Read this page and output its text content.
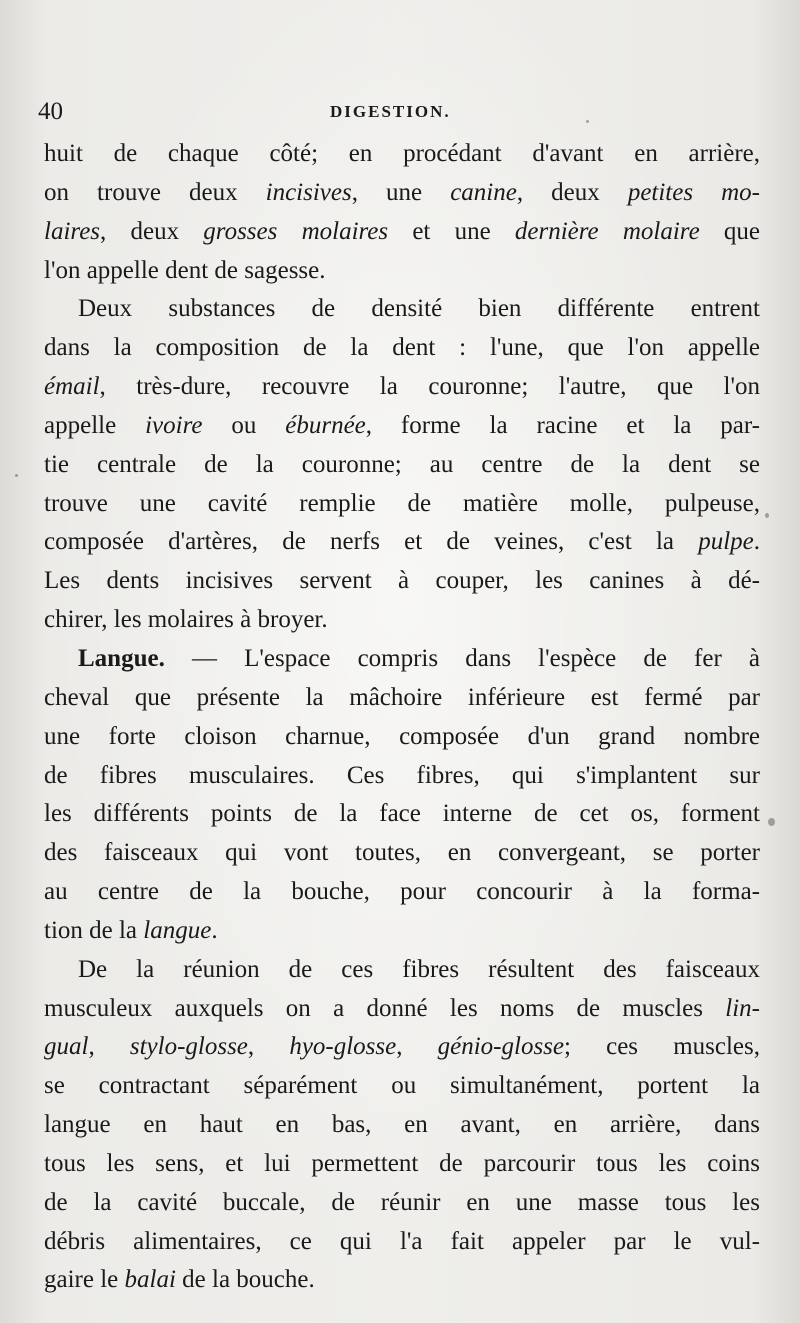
40	DIGESTION.
huit de chaque côté; en procédant d'avant en arrière,
on trouve deux incisives, une canine, deux petites mo-
laires, deux grosses molaires et une dernière molaire que
l'on appelle dent de sagesse.
Deux substances de densité bien différente entrent
dans la composition de la dent : l'une, que l'on appelle
émail, très-dure, recouvre la couronne; l'autre, que l'on
appelle ivoire ou éburnée, forme la racine et la par-
tie centrale de la couronne; au centre de la dent se
trouve une cavité remplie de matière molle, pulpeuse,
composée d'artères, de nerfs et de veines, c'est la pulpe.
Les dents incisives servent à couper, les canines à dé-
chirer, les molaires à broyer.
Langue. — L'espace compris dans l'espèce de fer à
cheval que présente la mâchoire inférieure est fermé par
une forte cloison charnue, composée d'un grand nombre
de fibres musculaires. Ces fibres, qui s'implantent sur
les différents points de la face interne de cet os, forment
des faisceaux qui vont toutes, en convergeant, se porter
au centre de la bouche, pour concourir à la forma-
tion de la langue.
De la réunion de ces fibres résultent des faisceaux
musculeux auxquels on a donné les noms de muscles lin-
gual, stylo-glosse, hyo-glosse, génio-glosse; ces muscles,
se contractant séparément ou simultanément, portent la
langue en haut en bas, en avant, en arrière, dans
tous les sens, et lui permettent de parcourir tous les coins
de la cavité buccale, de réunir en une masse tous les
débris alimentaires, ce qui l'a fait appeler par le vul-
gaire le balai de la bouche.
